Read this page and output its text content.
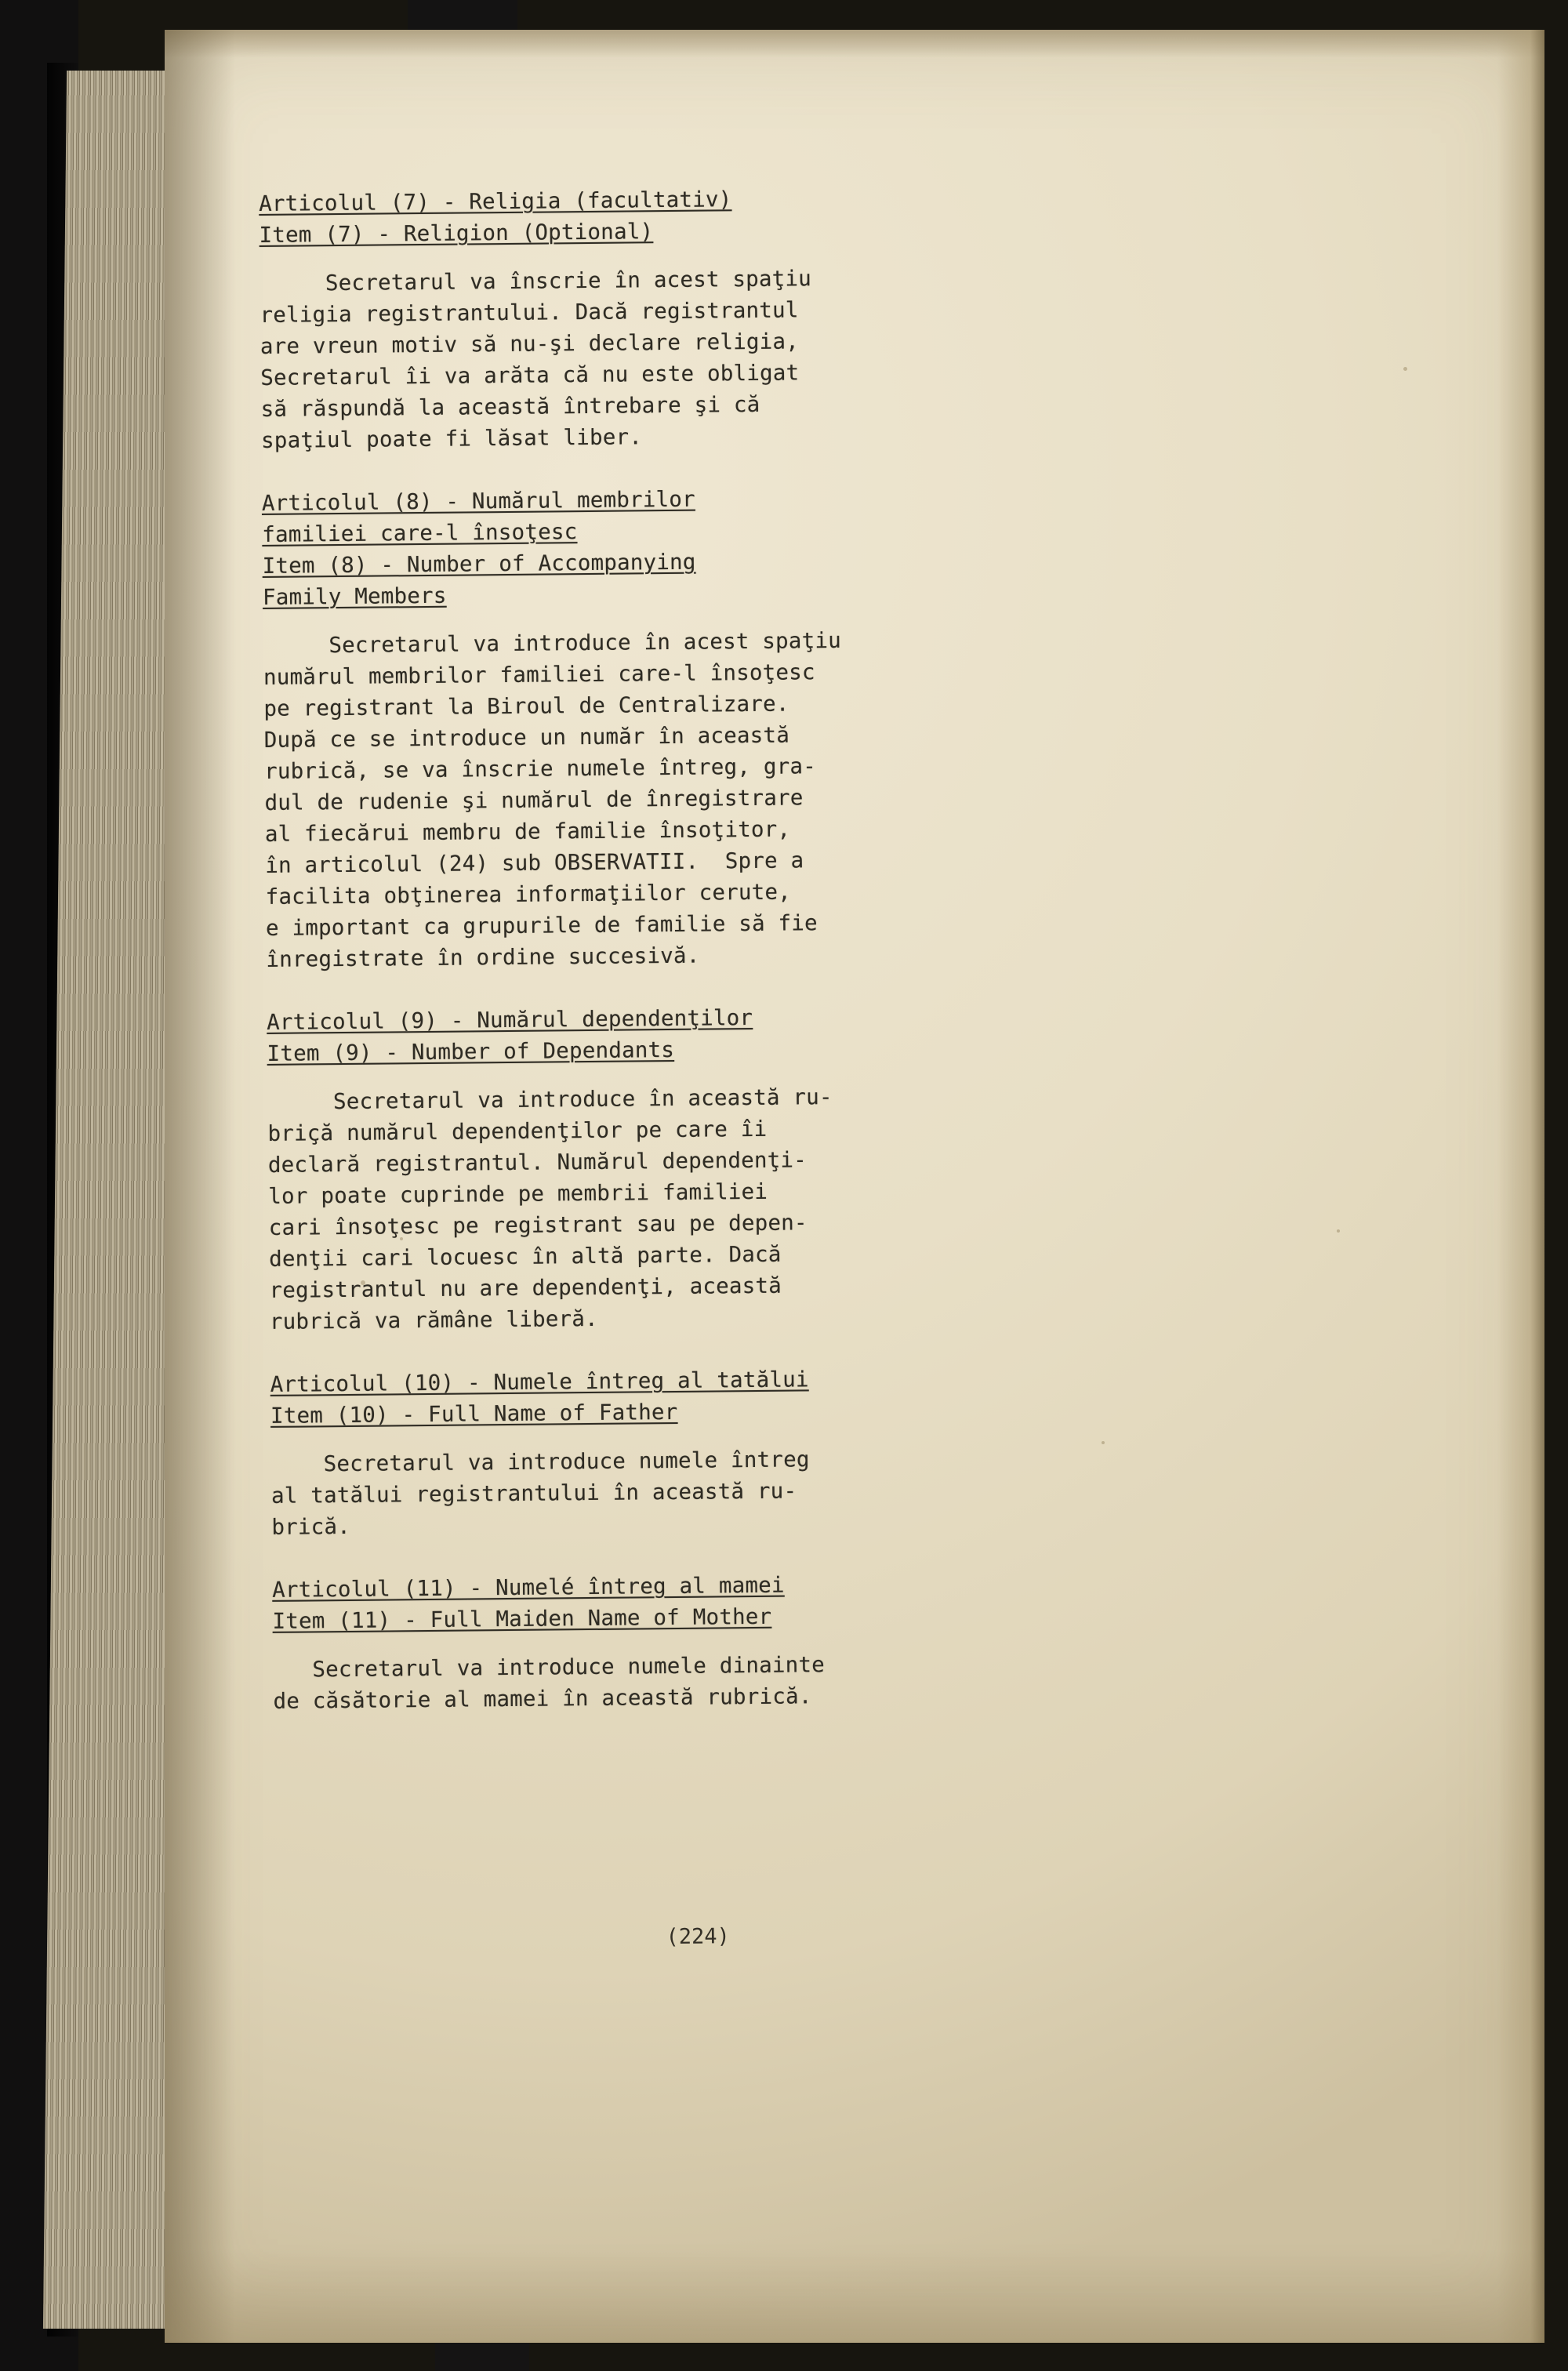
Articolul (7) - Religia (facultativ)
Item (7) - Religion (Optional)
Secretarul va înscrie în acest spaţiu
religia registrantului. Dacă registrantul
are vreun motiv să nu-şi declare religia,
Secretarul îi va arăta că nu este obligat
să răspundă la această întrebare şi că
spaţiul poate fi lăsat liber.
Articolul (8) - Numărul membrilor
familiei care-l însoţesc
Item (8) - Number of Accompanying
Family Members
Secretarul va introduce în acest spaţiu
numărul membrilor familiei care-l însoţesc
pe registrant la Biroul de Centralizare.
După ce se introduce un număr în această
rubrică, se va înscrie numele întreg, gra-
dul de rudenie şi numărul de înregistrare
al fiecărui membru de familie însoţitor,
în articolul (24) sub OBSERVATII.  Spre a
facilita obţinerea informaţiilor cerute,
e important ca grupurile de familie să fie
înregistrate în ordine succesivă.
Articolul (9) - Numărul dependenţilor
Item (9) - Number of Dependants
Secretarul va introduce în această ru-
briçă numărul dependenţilor pe care îi
declară registrantul. Numărul dependenţi-
lor poate cuprinde pe membrii familiei
cari însoţesc pe registrant sau pe depen-
denţii cari locuesc în altă parte. Dacă
registrantul nu are dependenţi, această
rubrică va rămâne liberă.
Articolul (10) - Numele întreg al tatălui
Item (10) - Full Name of Father
Secretarul va introduce numele întreg
al tatălui registrantului în această ru-
brică.
Articolul (11) - Numelé întreg al mamei
Item (11) - Full Maiden Name of Mother
Secretarul va introduce numele dinainte
de căsătorie al mamei în această rubrică.
(224)
